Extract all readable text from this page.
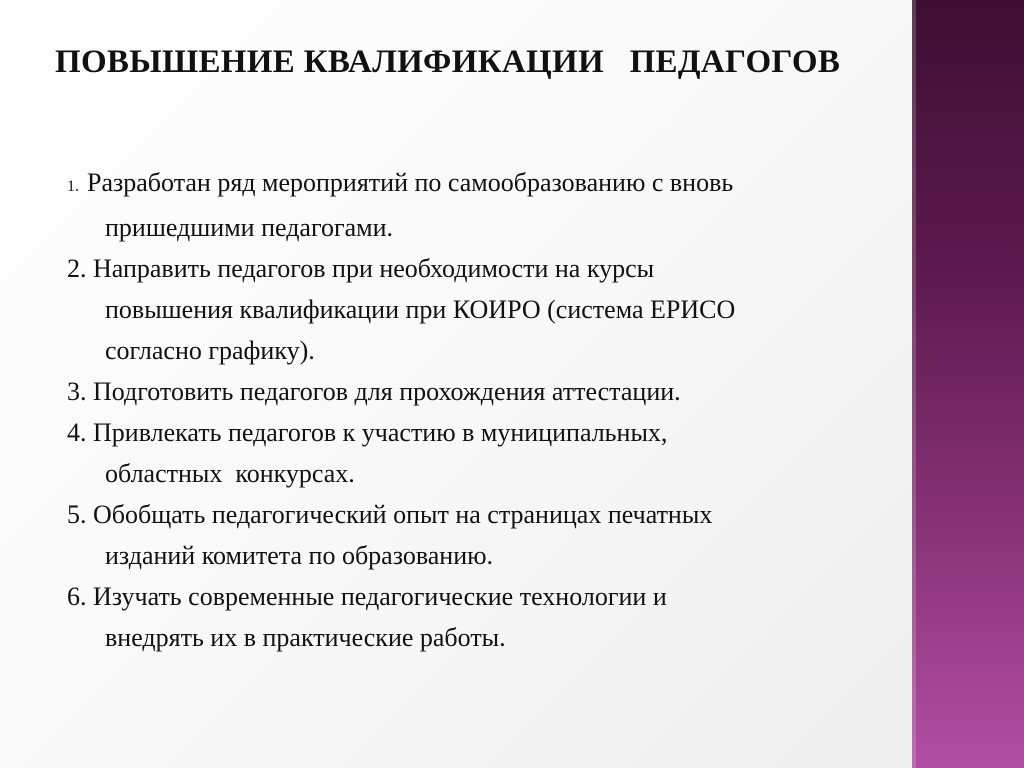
ПОВЫШЕНИЕ КВАЛИФИКАЦИИ   ПЕДАГОГОВ
1. Разработан ряд мероприятий по самообразованию с вновь
пришедшими педагогами.
2. Направить педагогов при необходимости на курсы
повышения квалификации при КОИРО (система ЕРИСО
согласно графику).
3. Подготовить педагогов для прохождения аттестации.
4. Привлекать педагогов к участию в муниципальных,
областных  конкурсах.
5. Обобщать педагогический опыт на страницах печатных
изданий комитета по образованию.
6. Изучать современные педагогические технологии и
внедрять их в практические работы.
